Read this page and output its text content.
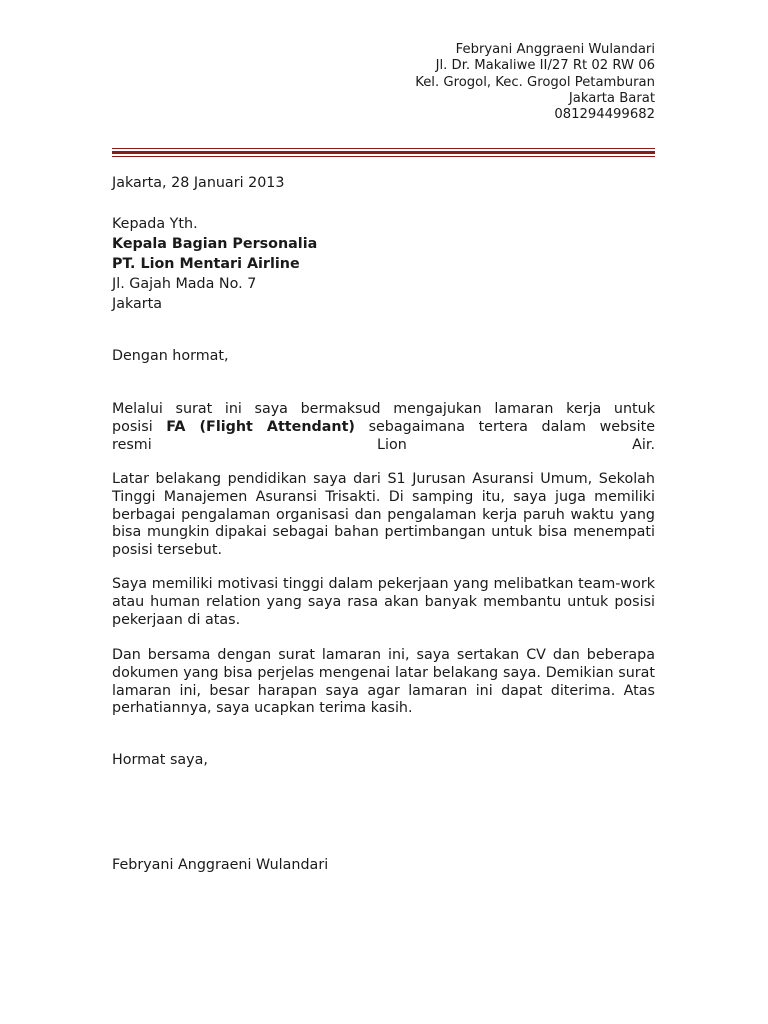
Febryani Anggraeni Wulandari
Jl. Dr. Makaliwe II/27 Rt 02 RW 06
Kel. Grogol, Kec. Grogol Petamburan
Jakarta Barat
081294499682
Jakarta, 28 Januari 2013
Kepada Yth.
Kepala Bagian Personalia
PT. Lion Mentari Airline
Jl. Gajah Mada No. 7
Jakarta
Dengan hormat,
Melalui surat ini saya bermaksud mengajukan lamaran kerja untuk
posisi FA (Flight Attendant) sebagaimana tertera dalam website
resmi Lion Air.
Latar belakang pendidikan saya dari S1 Jurusan Asuransi Umum, Sekolah Tinggi Manajemen Asuransi Trisakti. Di samping itu, saya juga memiliki berbagai pengalaman organisasi dan pengalaman kerja paruh waktu yang bisa mungkin dipakai sebagai bahan pertimbangan untuk bisa menempati posisi tersebut.
Saya memiliki motivasi tinggi dalam pekerjaan yang melibatkan team-work atau human relation yang saya rasa akan banyak membantu untuk posisi pekerjaan di atas.
Dan bersama dengan surat lamaran ini, saya sertakan CV dan beberapa dokumen yang bisa perjelas mengenai latar belakang saya. Demikian surat lamaran ini, besar harapan saya agar lamaran ini dapat diterima. Atas perhatiannya, saya ucapkan terima kasih.
Hormat saya,
Febryani Anggraeni Wulandari
